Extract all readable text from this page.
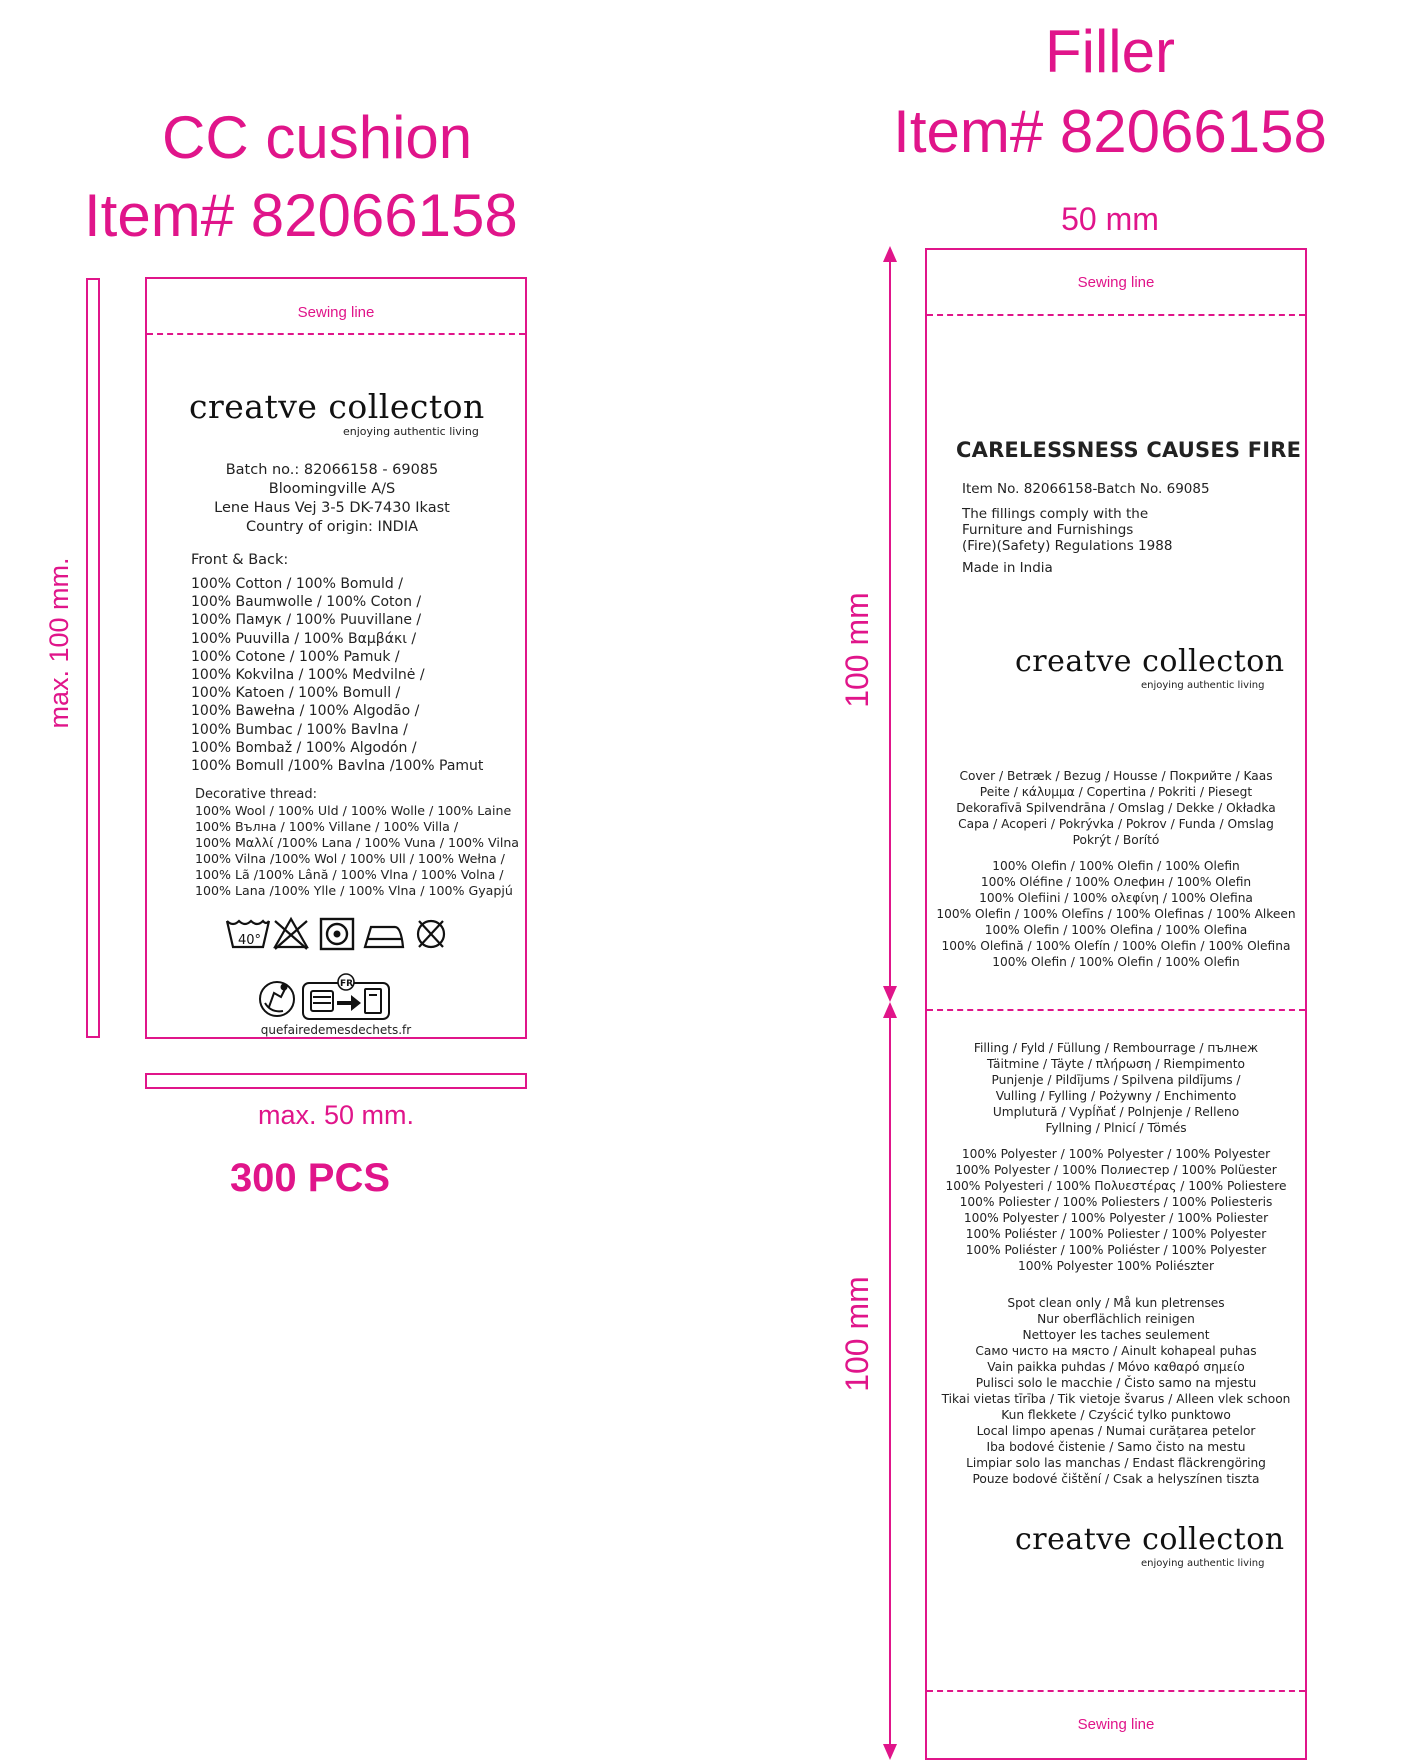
CC cushion
Item# 82066158
max. 100 mm.
Sewing line
creatve collecton
enjoying authentic living
Batch no.: 82066158 - 69085
Bloomingville A/S
Lene Haus Vej 3-5 DK-7430 Ikast
Country of origin: INDIA
Front & Back:
100% Cotton / 100% Bomuld /
100% Baumwolle / 100% Coton /
100% Памук / 100% Puuvillane /
100% Puuvilla / 100% Βαμβάκι /
100% Cotone / 100% Pamuk /
100% Kokvilna / 100% Medvilnė /
100% Katoen / 100% Bomull /
100% Bawełna / 100% Algodão /
100% Bumbac / 100% Bavlna /
100% Bombaž / 100% Algodón /
100% Bomull /100% Bavlna /100% Pamut
Decorative thread:
100% Wool / 100% Uld / 100% Wolle / 100% Laine
100% Вълна / 100% Villane / 100% Villa /
100% Μαλλί /100% Lana / 100% Vuna / 100% Vilna
100% Vilna /100% Wol / 100% Ull / 100% Wełna /
100% Lã /100% Lână / 100% Vlna / 100% Volna /
100% Lana /100% Ylle / 100% Vlna / 100% Gyapjú
40°
FR
quefairedemesdechets.fr
max. 50 mm.
300 PCS
Filler
Item# 82066158
50 mm
100 mm
100 mm
Sewing line
CARELESSNESS CAUSES FIRE
Item No. 82066158-Batch No. 69085
The fillings comply with the
Furniture and Furnishings
(Fire)(Safety) Regulations 1988
Made in India
creatve collecton
enjoying authentic living
Cover / Betræk / Bezug / Housse / Покрийте / Kaas
Peite / κάλυμμα / Copertina / Pokriti / Piesegt
Dekorafīvā Spilvendrāna / Omslag / Dekke / Okładka
Capa / Acoperi / Pokrývka / Pokrov / Funda / Omslag
Pokrýt / Borító
100% Olefin / 100% Olefin / 100% Olefin
100% Oléfine / 100% Олефин / 100% Olefin
100% Olefiini / 100% ολεφίνη / 100% Olefina
100% Olefin / 100% Olefīns / 100% Olefinas / 100% Alkeen
100% Olefin / 100% Olefina / 100% Olefina
100% Olefină / 100% Olefín / 100% Olefin / 100% Olefina
100% Olefin / 100% Olefin / 100% Olefin
Filling / Fyld / Füllung / Rembourrage / пълнеж
Täitmine / Täyte / πλήρωση / Riempimento
Punjenje / Pildījums / Spilvena pildījums /
Vulling / Fylling / Pożywny / Enchimento
Umplutură / Vypĺňať / Polnjenje / Relleno
Fyllning / Plnicí / Tömés
100% Polyester / 100% Polyester / 100% Polyester
100% Polyester / 100% Полиестер / 100% Polüester
100% Polyesteri / 100% Πολυεστέρας / 100% Poliestere
100% Poliester / 100% Poliesters / 100% Poliesteris
100% Polyester / 100% Polyester / 100% Poliester
100% Poliéster / 100% Poliester / 100% Polyester
100% Poliéster / 100% Poliéster / 100% Polyester
100% Polyester 100% Poliészter
Spot clean only / Må kun pletrenses
Nur oberflächlich reinigen
Nettoyer les taches seulement
Само чисто на място / Ainult kohapeal puhas
Vain paikka puhdas / Μόνο καθαρό σημείο
Pulisci solo le macchie / Čisto samo na mjestu
Tikai vietas tīrība / Tik vietoje švarus / Alleen vlek schoon
Kun flekkete / Czyścić tylko punktowo
Local limpo apenas / Numai curățarea petelor
Iba bodové čistenie / Samo čisto na mestu
Limpiar solo las manchas / Endast fläckrengöring
Pouze bodové čištění / Csak a helyszínen tiszta
creatve collecton
enjoying authentic living
Sewing line
